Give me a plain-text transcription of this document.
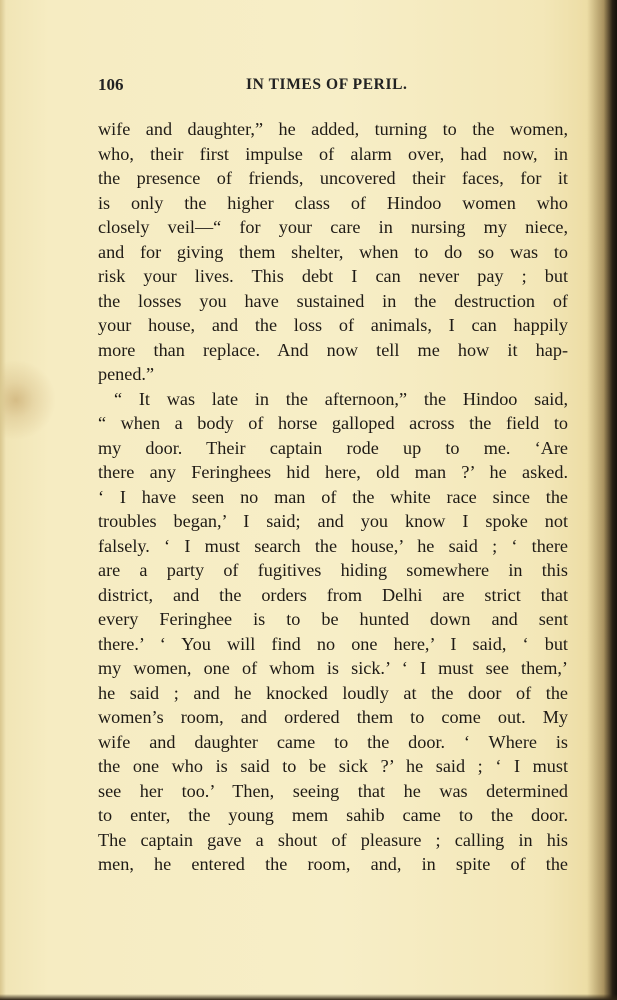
106	IN TIMES OF PERIL.
wife and daughter,” he added, turning to the women,
who, their first impulse of alarm over, had now, in
the presence of friends, uncovered their faces, for it
is only the higher class of Hindoo women who
closely veil—“ for your care in nursing my niece,
and for giving them shelter, when to do so was to
risk your lives. This debt I can never pay ; but
the losses you have sustained in the destruction of
your house, and the loss of animals, I can happily
more than replace. And now tell me how it hap-
pened.”
“ It was late in the afternoon,” the Hindoo said,
“ when a body of horse galloped across the field to
my door. Their captain rode up to me. ‘Are
there any Feringhees hid here, old man ?’ he asked.
‘ I have seen no man of the white race since the
troubles began,’ I said; and you know I spoke not
falsely. ‘ I must search the house,’ he said ; ‘ there
are a party of fugitives hiding somewhere in this
district, and the orders from Delhi are strict that
every Feringhee is to be hunted down and sent
there.’ ‘ You will find no one here,’ I said, ‘ but
my women, one of whom is sick.’ ‘ I must see them,’
he said ; and he knocked loudly at the door of the
women’s room, and ordered them to come out. My
wife and daughter came to the door. ‘ Where is
the one who is said to be sick ?’ he said ; ‘ I must
see her too.’ Then, seeing that he was determined
to enter, the young mem sahib came to the door.
The captain gave a shout of pleasure ; calling in his
men, he entered the room, and, in spite of the
